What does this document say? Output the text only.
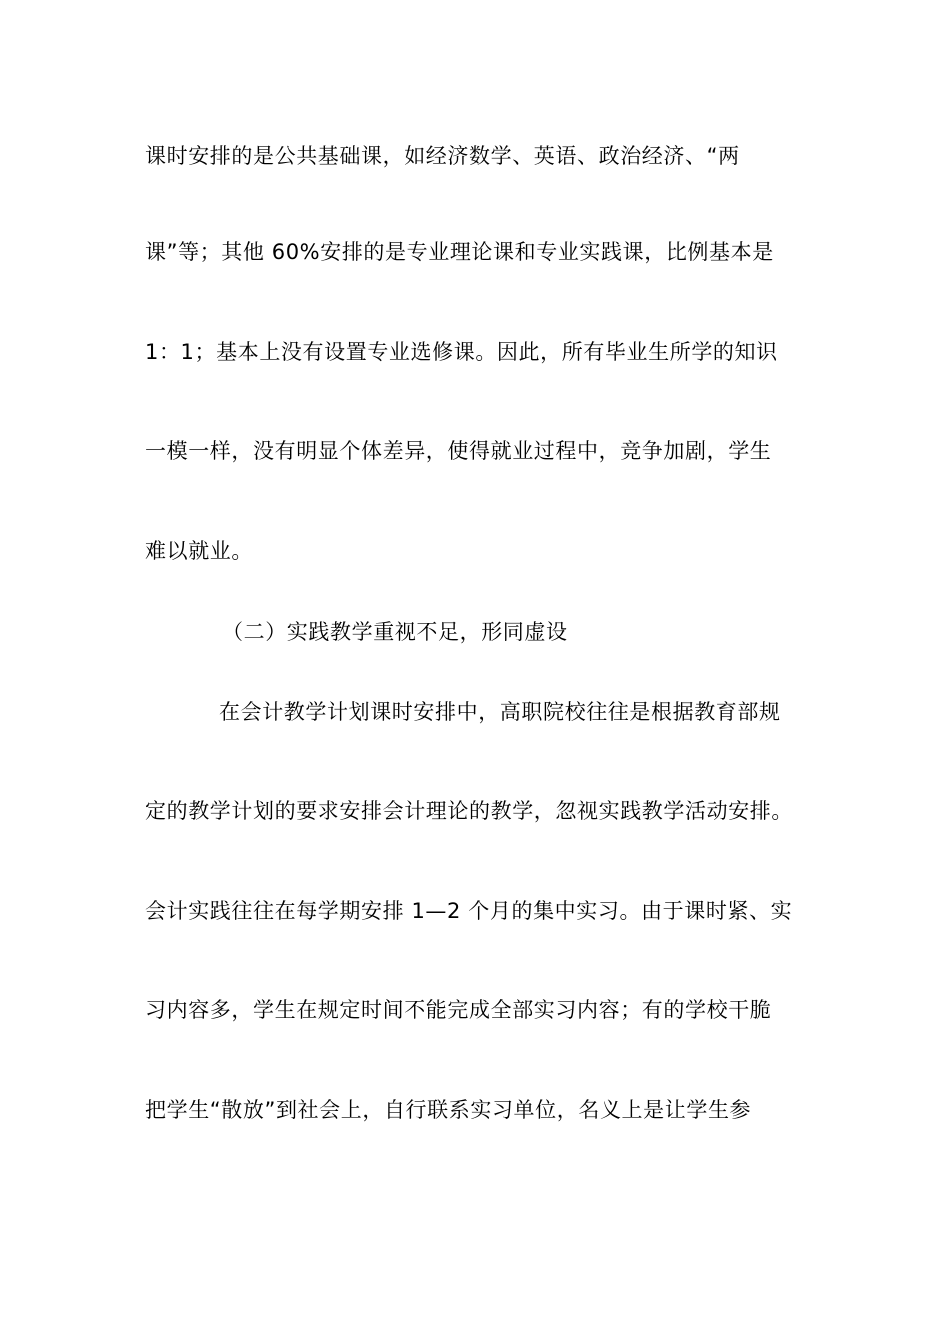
课时安排的是公共基础课，如经济数学、英语、政治经济、“两
课”等；其他 60%安排的是专业理论课和专业实践课，比例基本是
1：1；基本上没有设置专业选修课。因此，所有毕业生所学的知识
一模一样，没有明显个体差异，使得就业过程中，竞争加剧，学生
难以就业。
（二）实践教学重视不足，形同虚设
在会计教学计划课时安排中，高职院校往往是根据教育部规
定的教学计划的要求安排会计理论的教学，忽视实践教学活动安排。
会计实践往往在每学期安排 1—2 个月的集中实习。由于课时紧、实
习内容多，学生在规定时间不能完成全部实习内容；有的学校干脆
把学生“散放”到社会上，自行联系实习单位，名义上是让学生参
